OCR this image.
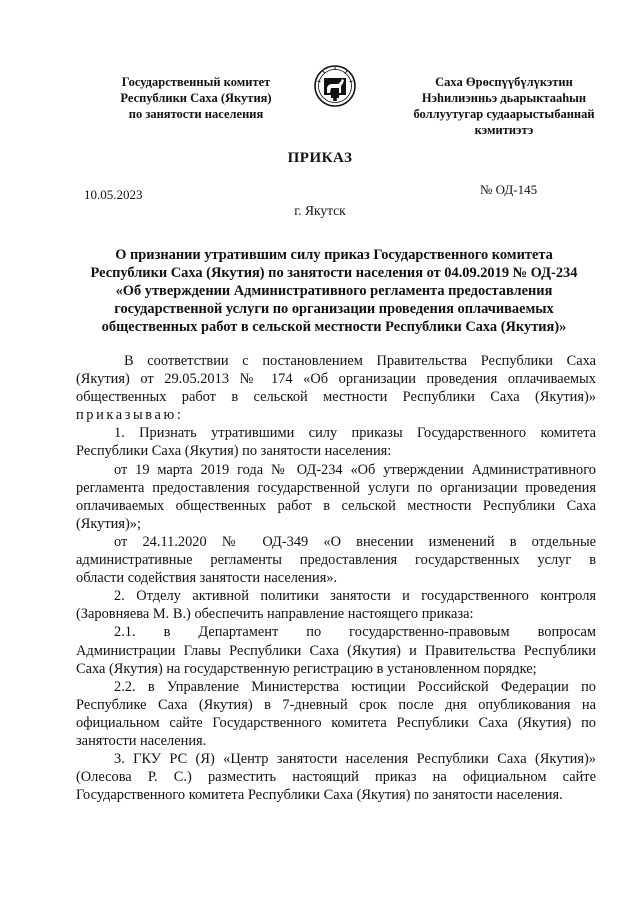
Государственный комитет
Республики Саха (Якутия)
по занятости населения
Саха Өрөспүүбүлүкэтин
Нэһилиэнньэ дьарыктааһын
боллуутугар судаарыстыбаннай
кэмитиэтэ
ПРИКАЗ
10.05.2023	№ ОД-145
г. Якутск
О признании утратившим силу приказ Государственного комитета
Республики Саха (Якутия) по занятости населения от 04.09.2019 № ОД-234
«Об утверждении Административного регламента предоставления
государственной услуги по организации проведения оплачиваемых
общественных работ в сельской местности Республики Саха (Якутия)»
В соответствии с постановлением Правительства Республики Саха
(Якутия) от 29.05.2013 № 174 «Об организации проведения оплачиваемых
общественных работ в сельской местности Республики Саха (Якутия)»
приказываю:
1. Признать утратившими силу приказы Государственного комитета
Республики Саха (Якутия) по занятости населения:
от 19 марта 2019 года № ОД-234 «Об утверждении Административного
регламента предоставления государственной услуги по организации проведения
оплачиваемых общественных работ в сельской местности Республики Саха
(Якутия)»;
от 24.11.2020 № ОД-349 «О внесении изменений в отдельные
административные регламенты предоставления государственных услуг в
области содействия занятости населения».
2. Отделу активной политики занятости и государственного контроля
(Заровняева М. В.) обеспечить направление настоящего приказа:
2.1. в Департамент по государственно-правовым вопросам
Администрации Главы Республики Саха (Якутия) и Правительства Республики
Саха (Якутия) на государственную регистрацию в установленном порядке;
2.2. в Управление Министерства юстиции Российской Федерации по
Республике Саха (Якутия) в 7-дневный срок после дня опубликования на
официальном сайте Государственного комитета Республики Саха (Якутия) по
занятости населения.
3. ГКУ РС (Я) «Центр занятости населения Республики Саха (Якутия)»
(Олесова Р. С.) разместить настоящий приказ на официальном сайте
Государственного комитета Республики Саха (Якутия) по занятости населения.
